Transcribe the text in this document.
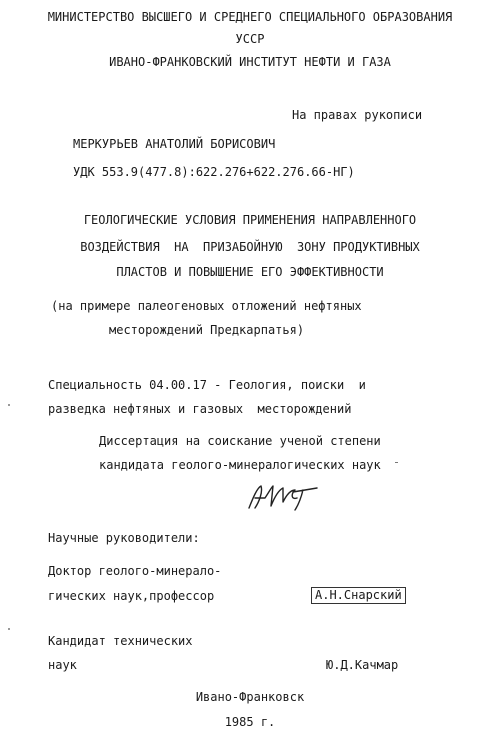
МИНИСТЕРСТВО ВЫСШЕГО И СРЕДНЕГО СПЕЦИАЛЬНОГО ОБРАЗОВАНИЯ
УССР
ИВАНО-ФРАНКОВСКИЙ ИНСТИТУТ НЕФТИ И ГАЗА
На правах рукописи
МЕРКУРЬЕВ АНАТОЛИЙ БОРИСОВИЧ
УДК 553.9(477.8):622.276+622.276.66-НГ)
ГЕОЛОГИЧЕСКИЕ УСЛОВИЯ ПРИМЕНЕНИЯ НАПРАВЛЕННОГО
ВОЗДЕЙСТВИЯ  НА  ПРИЗАБОЙНУЮ  ЗОНУ ПРОДУКТИВНЫХ
ПЛАСТОВ И ПОВЫШЕНИЕ ЕГО ЭФФЕКТИВНОСТИ
(на примере палеогеновых отложений нефтяных
месторождений Предкарпатья)
Специальность 04.00.17 - Геология, поиски  и
разведка нефтяных и газовых  месторождений
Диссертация на соискание ученой степени
кандидата геолого-минералогических наук
Научные руководители:
Доктор геолого-минерало-
гических наук,профессор	А.Н.Снарский
Кандидат технических
наук	Ю.Д.Качмар
Ивано-Франковск
1985 г.
